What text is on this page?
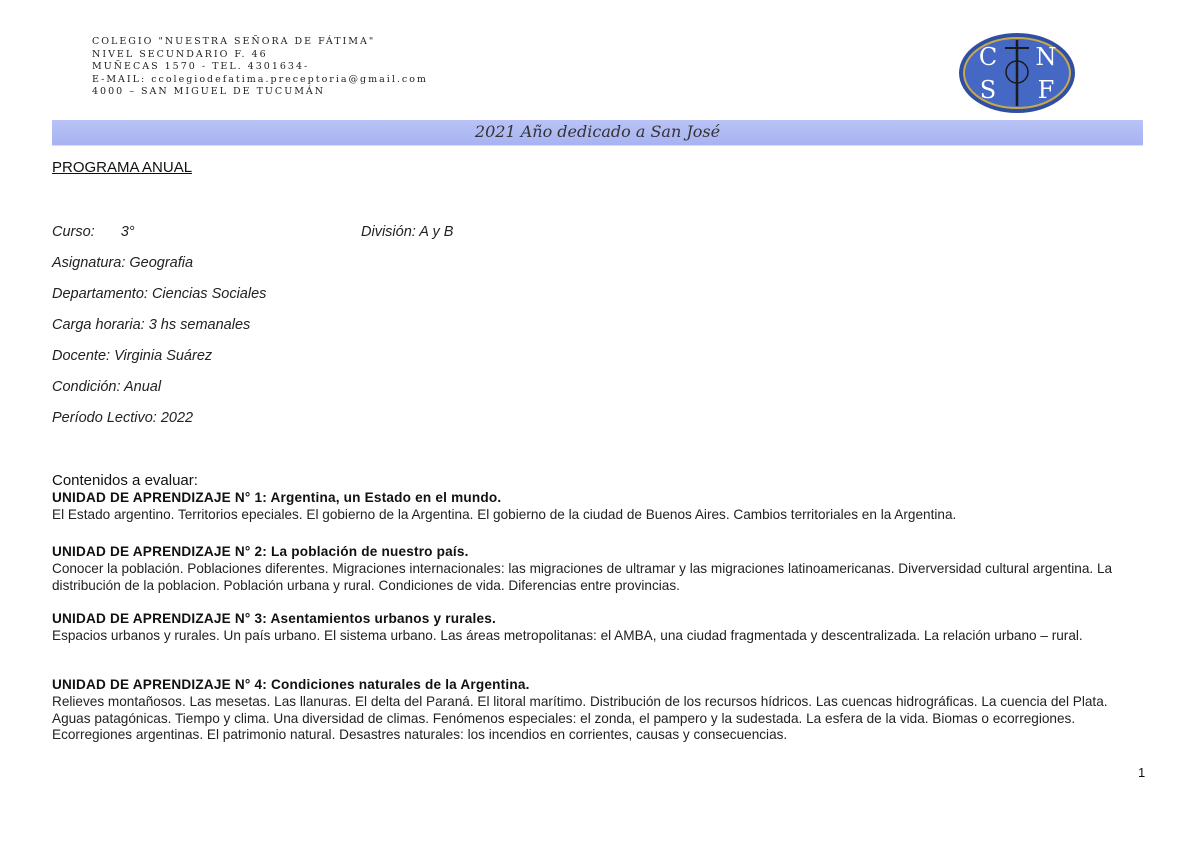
COLEGIO "NUESTRA SEÑORA DE FÁTIMA"
NIVEL SECUNDARIO F. 46
MUÑECAS 1570 - TEL. 4301634-
E-MAIL: ccolegiodefatima.preceptoria@gmail.com
4000 – SAN MIGUEL DE TUCUMÁN
C N
S F
2021 Año dedicado a San José
PROGRAMA ANUAL
Curso: 3°	División: A y B
Asignatura: Geografia
Departamento: Ciencias Sociales
Carga horaria: 3 hs semanales
Docente: Virginia Suárez
Condición: Anual
Período Lectivo: 2022
Contenidos a evaluar:
UNIDAD DE APRENDIZAJE N° 1: Argentina, un Estado en el mundo.
El Estado argentino. Territorios epeciales. El gobierno de la Argentina. El gobierno de la ciudad de Buenos Aires. Cambios territoriales en la Argentina.
UNIDAD DE APRENDIZAJE N° 2: La población de nuestro país.
Conocer la población. Poblaciones diferentes. Migraciones internacionales: las migraciones de ultramar y las migraciones latinoamericanas. Diverversidad cultural argentina. La distribución de la poblacion. Población urbana y rural. Condiciones de vida. Diferencias entre provincias.
UNIDAD DE APRENDIZAJE N° 3: Asentamientos urbanos y rurales.
Espacios urbanos y rurales. Un país urbano. El sistema urbano. Las áreas metropolitanas: el AMBA, una ciudad fragmentada y descentralizada. La relación urbano – rural.
UNIDAD DE APRENDIZAJE N° 4: Condiciones naturales de la Argentina.
Relieves montañosos. Las mesetas. Las llanuras. El delta del Paraná. El litoral marítimo. Distribución de los recursos hídricos. Las cuencas hidrográficas. La cuencia del Plata. Aguas patagónicas. Tiempo y clima. Una diversidad de climas. Fenómenos especiales: el zonda, el pampero y la sudestada. La esfera de la vida. Biomas o ecorregiones. Ecorregiones argentinas. El patrimonio natural. Desastres naturales: los incendios en corrientes, causas y consecuencias.
1
